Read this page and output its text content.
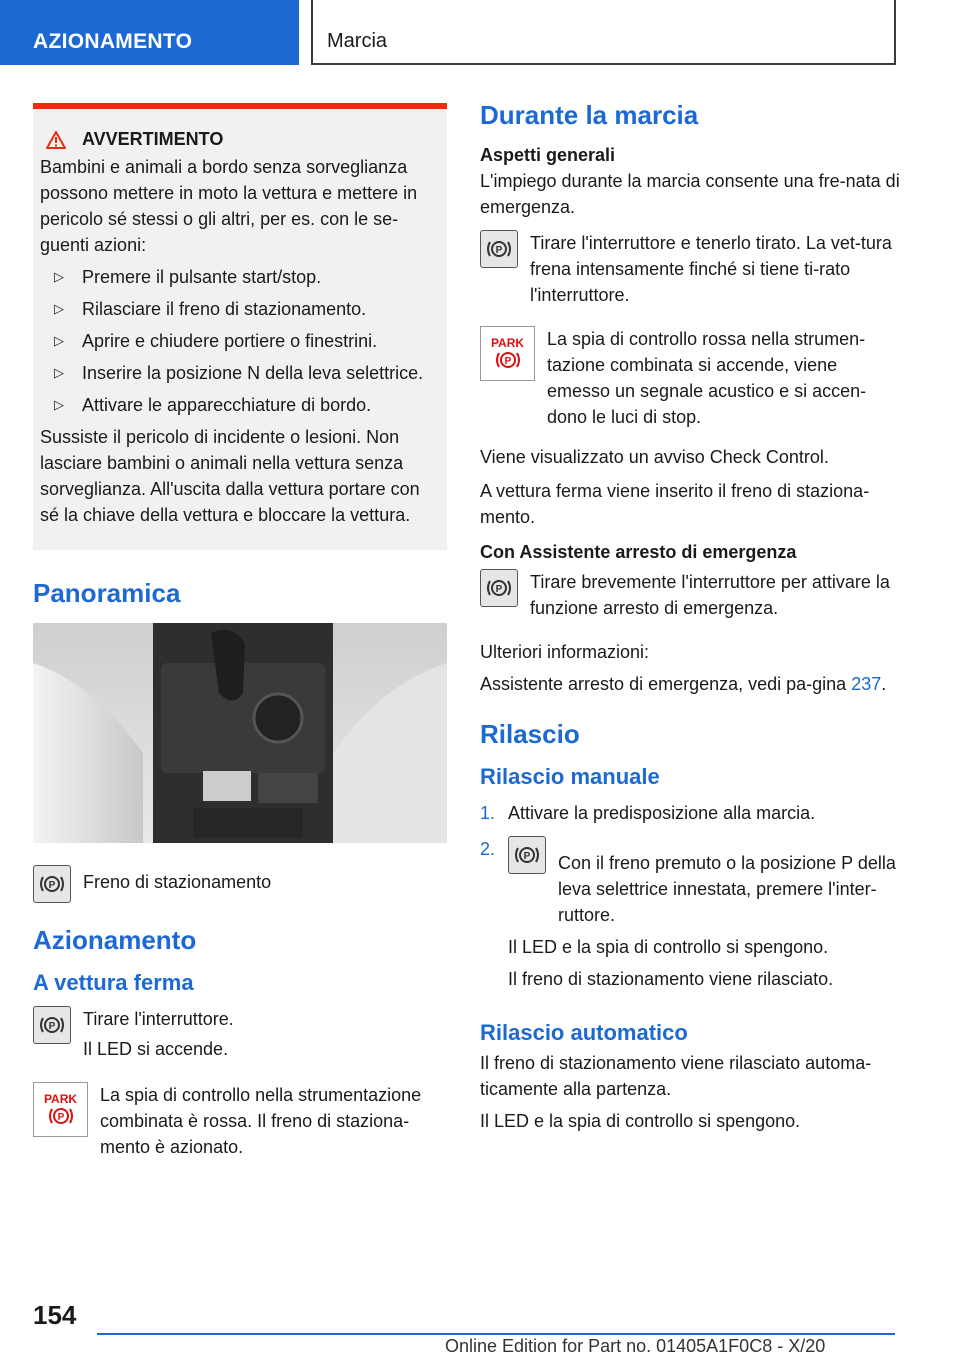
AZIONAMENTO	Marcia
AVVERTIMENTO
Bambini e animali a bordo senza sorveglianza possono mettere in moto la vettura e mettere in pericolo sé stessi o gli altri, per es. con le se-guenti azioni:
▷ Premere il pulsante start/stop.
▷ Rilasciare il freno di stazionamento.
▷ Aprire e chiudere portiere o finestrini.
▷ Inserire la posizione N della leva selettrice.
▷ Attivare le apparecchiature di bordo.
Sussiste il pericolo di incidente o lesioni. Non lasciare bambini o animali nella vettura senza sorveglianza. All'uscita dalla vettura portare con sé la chiave della vettura e bloccare la vettura.
Panoramica
P Freno di stazionamento
Azionamento
A vettura ferma
P Tirare l'interruttore.
Il LED si accende.
PARK
P
La spia di controllo nella strumentazione combinata è rossa. Il freno di staziona-mento è azionato.
Durante la marcia
Aspetti generali
L'impiego durante la marcia consente una fre-nata di emergenza.
P Tirare l'interruttore e tenerlo tirato. La vet-tura frena intensamente finché si tiene ti-rato l'interruttore.
PARK
P
La spia di controllo rossa nella strumen-tazione combinata si accende, viene emesso un segnale acustico e si accen-dono le luci di stop.
Viene visualizzato un avviso Check Control.
A vettura ferma viene inserito il freno di staziona-mento.
Con Assistente arresto di emergenza
P Tirare brevemente l'interruttore per attivare la funzione arresto di emergenza.
Ulteriori informazioni:
Assistente arresto di emergenza, vedi pa-gina 237.
Rilascio
Rilascio manuale
1. Attivare la predisposizione alla marcia.
2.	P Con il freno premuto o la posizione P della leva selettrice innestata, premere l'inter-ruttore.
Il LED e la spia di controllo si spengono.
Il freno di stazionamento viene rilasciato.
Rilascio automatico
Il freno di stazionamento viene rilasciato automa-ticamente alla partenza.
Il LED e la spia di controllo si spengono.
154
Online Edition for Part no. 01405A1F0C8 - X/20
